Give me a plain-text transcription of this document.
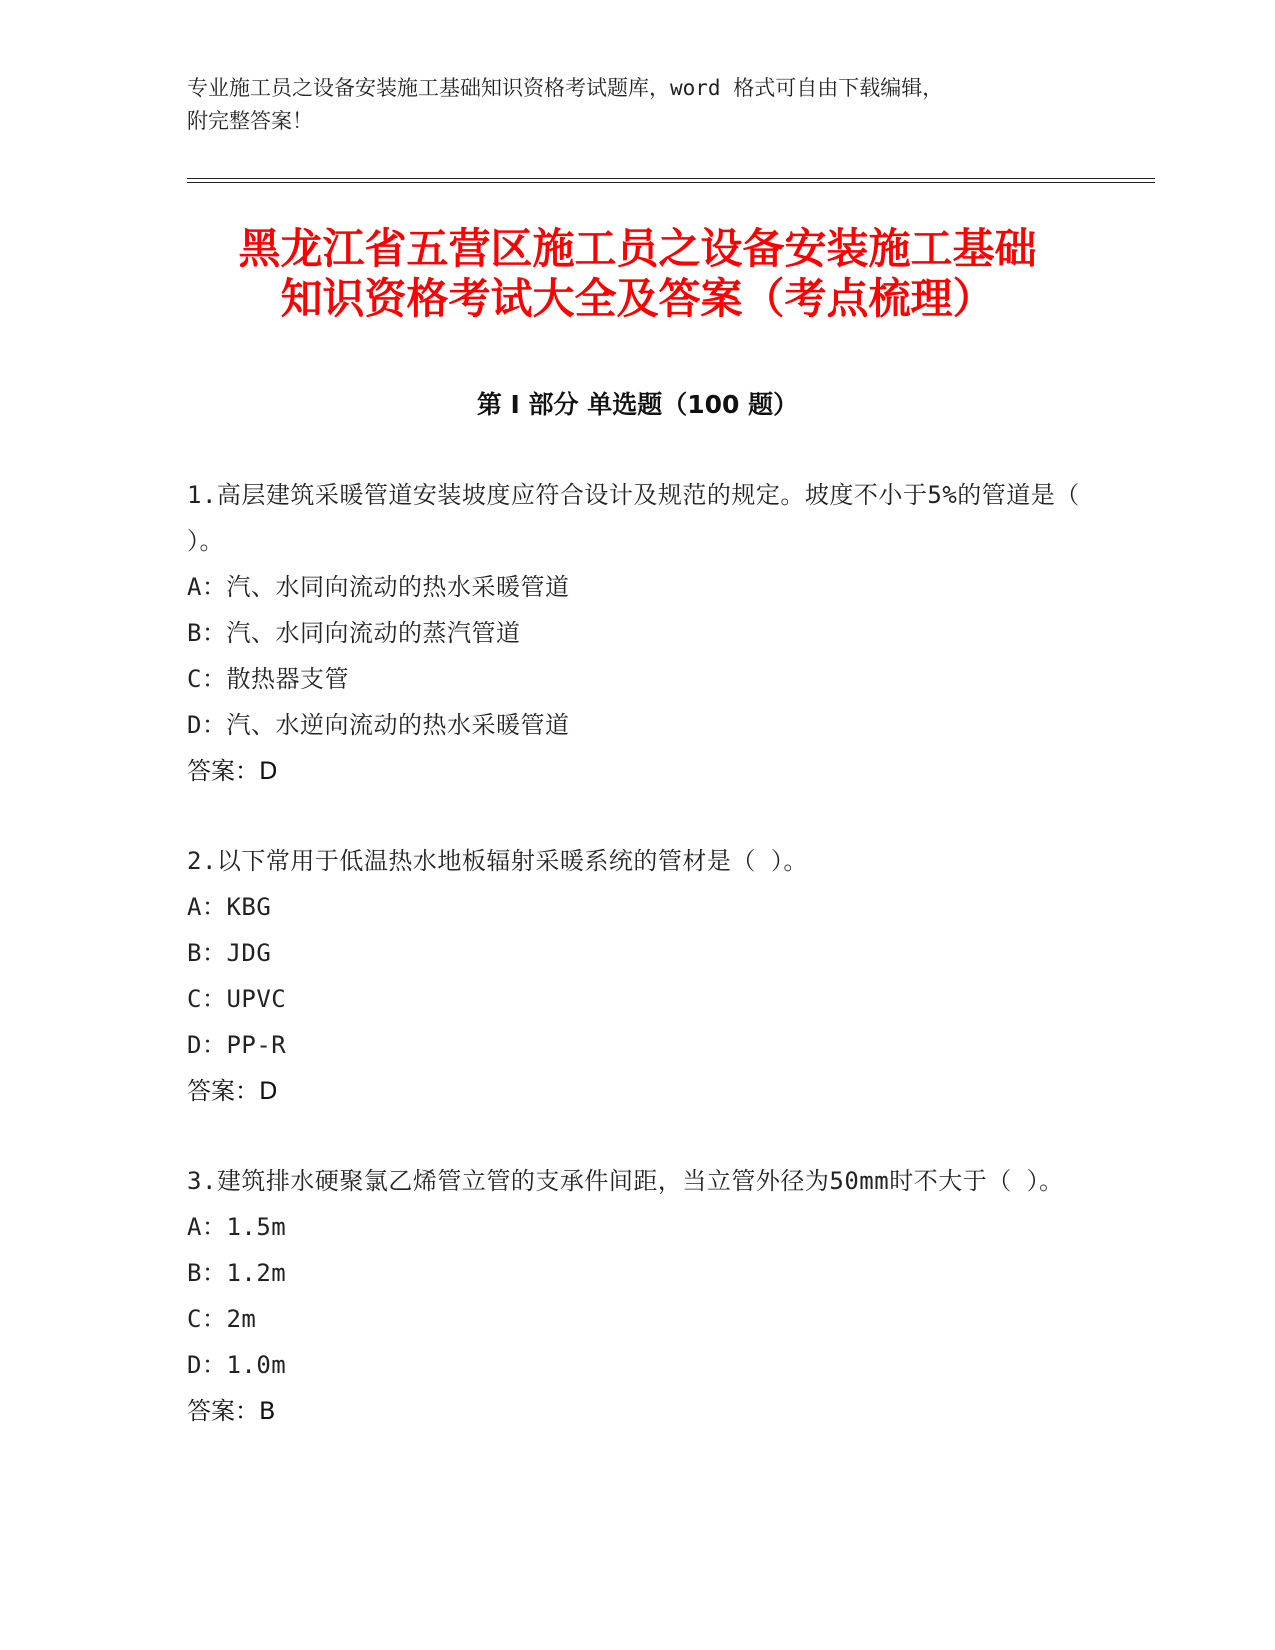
专业施工员之设备安装施工基础知识资格考试题库，word 格式可自由下载编辑，
附完整答案！
黑龙江省五营区施工员之设备安装施工基础
知识资格考试大全及答案（考点梳理）
第 I 部分 单选题（100 题）
1.高层建筑采暖管道安装坡度应符合设计及规范的规定。坡度不小于5%的管道是（ ）。
A：汽、水同向流动的热水采暖管道
B：汽、水同向流动的蒸汽管道
C：散热器支管
D：汽、水逆向流动的热水采暖管道
答案：D
2.以下常用于低温热水地板辐射采暖系统的管材是（ ）。
A：KBG
B：JDG
C：UPVC
D：PP-R
答案：D
3.建筑排水硬聚氯乙烯管立管的支承件间距，当立管外径为50mm时不大于（ ）。
A：1.5m
B：1.2m
C：2m
D：1.0m
答案：B
